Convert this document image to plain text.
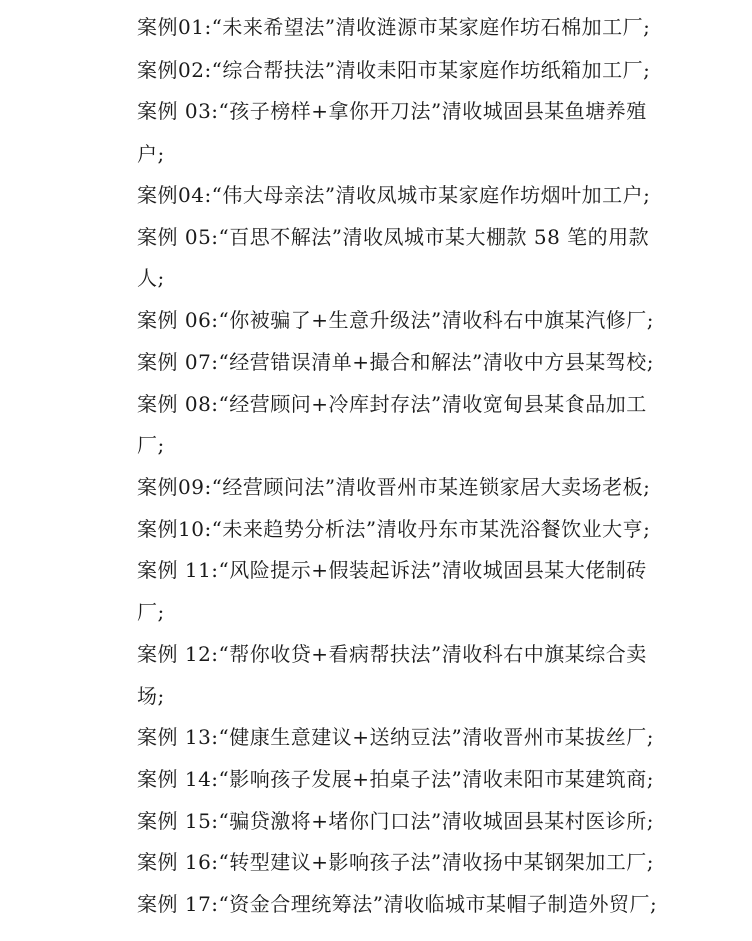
案例01:“未来希望法”清收涟源市某家庭作坊石棉加工厂;
案例02:“综合帮扶法”清收耒阳市某家庭作坊纸箱加工厂;
案例 03:“孩子榜样+拿你开刀法”清收城固县某鱼塘养殖
户;
案例04:“伟大母亲法”清收凤城市某家庭作坊烟叶加工户;
案例 05:“百思不解法”清收凤城市某大棚款 58 笔的用款
人;
案例 06:“你被骗了+生意升级法”清收科右中旗某汽修厂;
案例 07:“经营错误清单+撮合和解法”清收中方县某驾校;
案例 08:“经营顾问+冷库封存法”清收宽甸县某食品加工
厂;
案例09:“经营顾问法”清收晋州市某连锁家居大卖场老板;
案例10:“未来趋势分析法”清收丹东市某洗浴餐饮业大亨;
案例 11:“风险提示+假装起诉法”清收城固县某大佬制砖
厂;
案例 12:“帮你收贷+看病帮扶法”清收科右中旗某综合卖
场;
案例 13:“健康生意建议+送纳豆法”清收晋州市某拔丝厂;
案例 14:“影响孩子发展+拍桌子法”清收耒阳市某建筑商;
案例 15:“骗贷激将+堵你门口法”清收城固县某村医诊所;
案例 16:“转型建议+影响孩子法”清收扬中某钢架加工厂;
案例 17:“资金合理统筹法”清收临城市某帽子制造外贸厂;
